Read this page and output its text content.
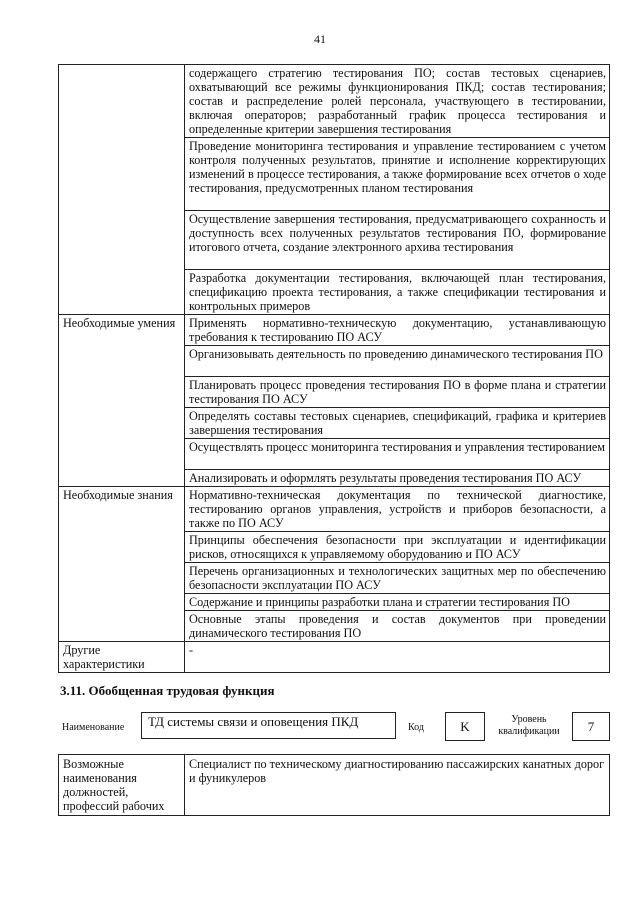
41
	содержащего стратегию тестирования ПО; состав тестовых сценариев, охватывающий все режимы функционирования ПКД; состав тестирования; состав и распределение ролей персонала, участвующего в тестировании, включая операторов; разработанный график процесса тестирования и определенные критерии завершения тестирования
	Проведение мониторинга тестирования и управление тестированием с учетом контроля полученных результатов, принятие и исполнение корректирующих изменений в процессе тестирования, а также формирование всех отчетов о ходе тестирования, предусмотренных планом тестирования
	Осуществление завершения тестирования, предусматривающего сохранность и доступность всех полученных результатов тестирования ПО, формирование итогового отчета, создание электронного архива тестирования
	Разработка документации тестирования, включающей план тестирования, спецификацию проекта тестирования, а также спецификации тестирования и контрольных примеров
Необходимые умения	Применять нормативно-техническую документацию, устанавливающую требования к тестированию ПО АСУ
	Организовывать деятельность по проведению динамического тестирования ПО
	Планировать процесс проведения тестирования ПО в форме плана и стратегии тестирования ПО АСУ
	Определять составы тестовых сценариев, спецификаций, графика и критериев завершения тестирования
	Осуществлять процесс мониторинга тестирования и управления тестированием
	Анализировать и оформлять результаты проведения тестирования ПО АСУ
Необходимые знания	Нормативно-техническая документация по технической диагностике, тестированию органов управления, устройств и приборов безопасности, а также по ПО АСУ
	Принципы обеспечения безопасности при эксплуатации и идентификации рисков, относящихся к управляемому оборудованию и ПО АСУ
	Перечень организационных и технологических защитных мер по обеспечению безопасности эксплуатации ПО АСУ
	Содержание и принципы разработки плана и стратегии тестирования ПО
	Основные этапы проведения и состав документов при проведении динамического тестирования ПО
Другие характеристики	-
3.11. Обобщенная трудовая функция
Наименование	ТД системы связи и оповещения ПКД	Код	K	Уровень квалификации	7
Возможные наименования должностей, профессий рабочих	Специалист по техническому диагностированию пассажирских канатных дорог и фуникулеров
